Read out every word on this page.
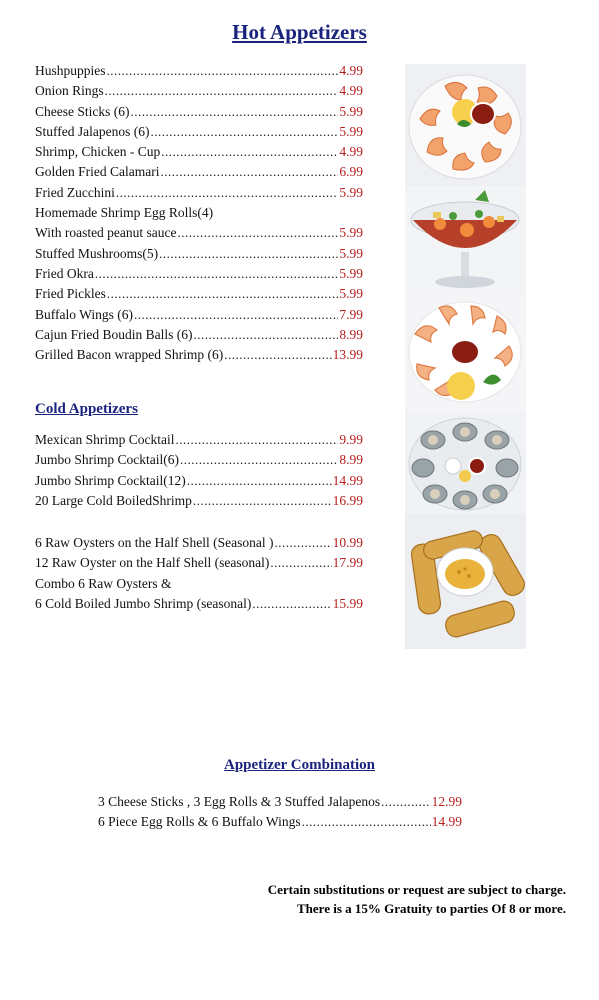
Hot Appetizers
Hushpuppies .....	4.99
Onion Rings .....	4.99
Cheese Sticks (6) .....	5.99
Stuffed Jalapenos (6) .....	5.99
Shrimp, Chicken - Cup .....	4.99
Golden Fried Calamari .....	6.99
Fried Zucchini .....	5.99
Homemade Shrimp Egg Rolls(4)
With roasted peanut sauce .....	5.99
Stuffed Mushrooms(5) .....	5.99
Fried Okra .....	5.99
Fried Pickles .....	5.99
Buffalo Wings (6) .....	7.99
Cajun Fried Boudin Balls (6) .....	8.99
Grilled Bacon wrapped Shrimp (6) .....	13.99
Cold Appetizers
Mexican Shrimp Cocktail .....	9.99
Jumbo Shrimp Cocktail(6) .....	8.99
Jumbo Shrimp Cocktail(12) .....	14.99
20 Large Cold BoiledShrimp .....	16.99
6 Raw Oysters on the Half Shell (Seasonal ) .....	10.99
12 Raw Oyster on the Half Shell (seasonal) .....	17.99
Combo 6 Raw Oysters &
6 Cold Boiled Jumbo Shrimp (seasonal) .....	15.99
Appetizer Combination
3 Cheese Sticks , 3 Egg Rolls & 3 Stuffed Jalapenos .....	12.99
6 Piece Egg Rolls & 6 Buffalo Wings .....	14.99
Certain substitutions or request are subject to charge.
There is a 15% Gratuity to parties Of 8 or more.
